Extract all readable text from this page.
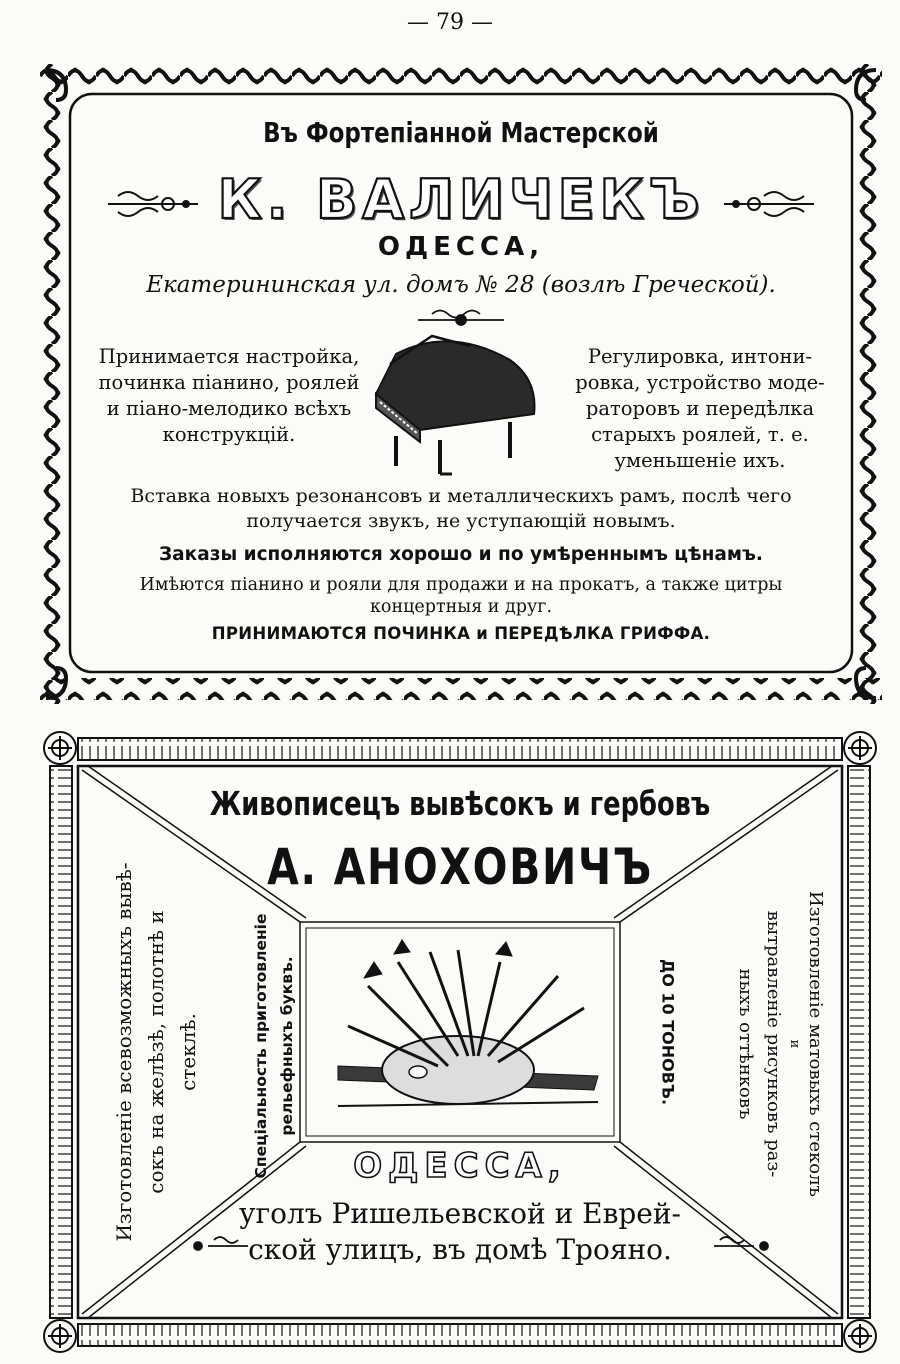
— 79 —
Въ Фортепіанной Мастерской
К. ВАЛИЧЕКЪ
ОДЕССА,
Екатерининская ул. домъ № 28 (возлѣ Греческой).
Принимается настройка,
починка піанино, роялей
и піано-мелодико всѣхъ
конструкцій.
Регулировка, интони-
ровка, устройство моде-
раторовъ и передѣлка
старыхъ роялей, т. е.
уменьшеніе ихъ.
Вставка новыхъ резонансовъ и металлическихъ рамъ, послѣ чего
получается звукъ, не уступающій новымъ.
Заказы исполняются хорошо и по умѣреннымъ цѣнамъ.
Имѣются піанино и рояли для продажи и на прокатъ, а также цитры
концертныя и друг.
ПРИНИМАЮТСЯ ПОЧИНКА и ПЕРЕДѢЛКА ГРИФФА.
Живописецъ вывѣсокъ и гербовъ
А. АНОХОВИЧЪ
Изготовленіе всевозможныхъ вывѣ- сокъ на желѣзѣ, полотнѣ и стеклѣ.	Спеціальность приготовленіе рельефныхъ буквъ.	ДО 10 ТОНОВЪ.	Изготовленіе матовыхъ стеколъ
и
вытравленіе рисунковъ раз-
ныхъ оттѣнковъ
ОДЕССА,
уголъ Ришельевской и Еврей-
ской улицъ, въ домѣ Трояно.
